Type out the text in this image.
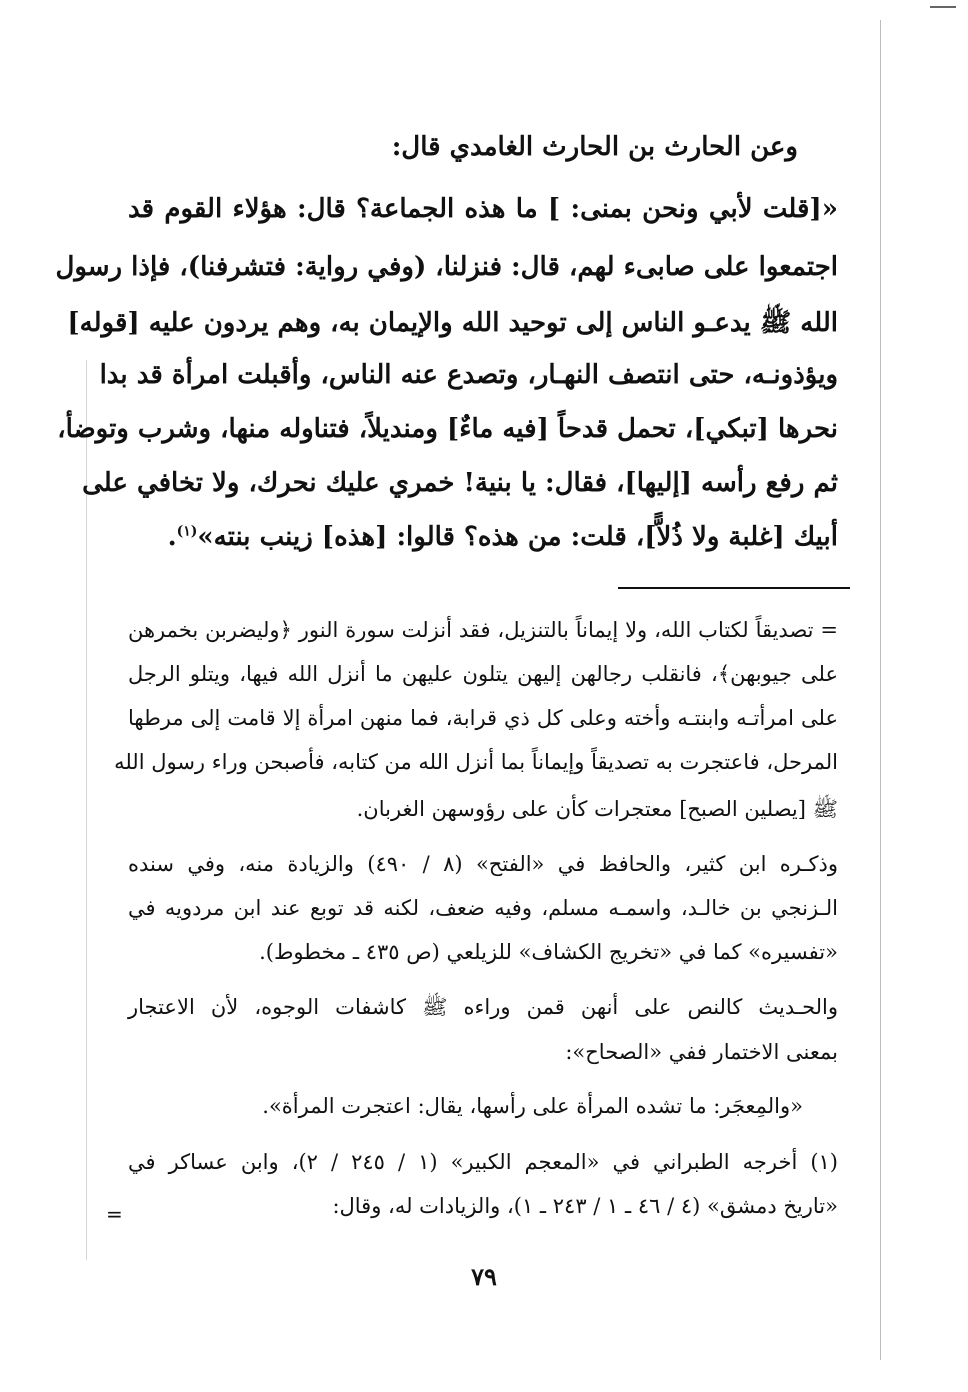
وعن الحارث بن الحارث الغامدي قال:
«[قلت لأبي ونحن بمنى: ] ما هذه الجماعة؟ قال: هؤلاء القوم قد
اجتمعوا على صابىء لهم، قال: فنزلنا، (وفي رواية: فتشرفنا)، فإذا رسول
الله ﷺ يدعـو الناس إلى توحيد الله والإيمان به، وهم يردون عليه [قوله]
ويؤذونـه، حتى انتصف النهـار، وتصدع عنه الناس، وأقبلت امرأة قد بدا
نحرها [تبكي]، تحمل قدحاً [فيه ماءٌ] ومنديلاً، فتناوله منها، وشرب وتوضأ،
ثم رفع رأسه [إليها]، فقال: يا بنية! خمري عليك نحرك، ولا تخافي على
أبيك [غلبة ولا ذُلاًّ]، قلت: من هذه؟ قالوا: [هذه] زينب بنته»$^{(١)}$.
= تصديقاً لكتاب الله، ولا إيماناً بالتنزيل، فقد أنزلت سورة النور ﴿وليضربن بخمرهن
على جيوبهن﴾، فانقلب رجالهن إليهن يتلون عليهن ما أنزل الله فيها، ويتلو الرجل
على امرأتـه وابنتـه وأخته وعلى كل ذي قرابة، فما منهن امرأة إلا قامت إلى مرطها
المرحل، فاعتجرت به تصديقاً وإيماناً بما أنزل الله من كتابه، فأصبحن وراء رسول الله
ﷺ [يصلين الصبح] معتجرات كأن على رؤوسهن الغربان.
وذكـره ابن كثير، والحافظ في «الفتح» (٨ / ٤٩٠) والزيادة منه، وفي سنده
الـزنجي بن خالـد، واسمـه مسلم، وفيه ضعف، لكنه قد توبع عند ابن مردويه في
«تفسيره» كما في «تخريج الكشاف» للزيلعي (ص ٤٣٥ ـ مخطوط).
والحـديث كالنص على أنهن قمن وراءه ﷺ كاشفات الوجوه، لأن الاعتجار
بمعنى الاختمار ففي «الصحاح»:
«والمِعجَر: ما تشده المرأة على رأسها، يقال: اعتجرت المرأة».
(١) أخرجه الطبراني في «المعجم الكبير» (١ / ٢٤٥ / ٢)، وابن عساكر في
«تاريخ دمشق» (٤ / ٤٦ ـ ١ / ٢٤٣ ـ ١)، والزيادات له، وقال:
=
٧٩
